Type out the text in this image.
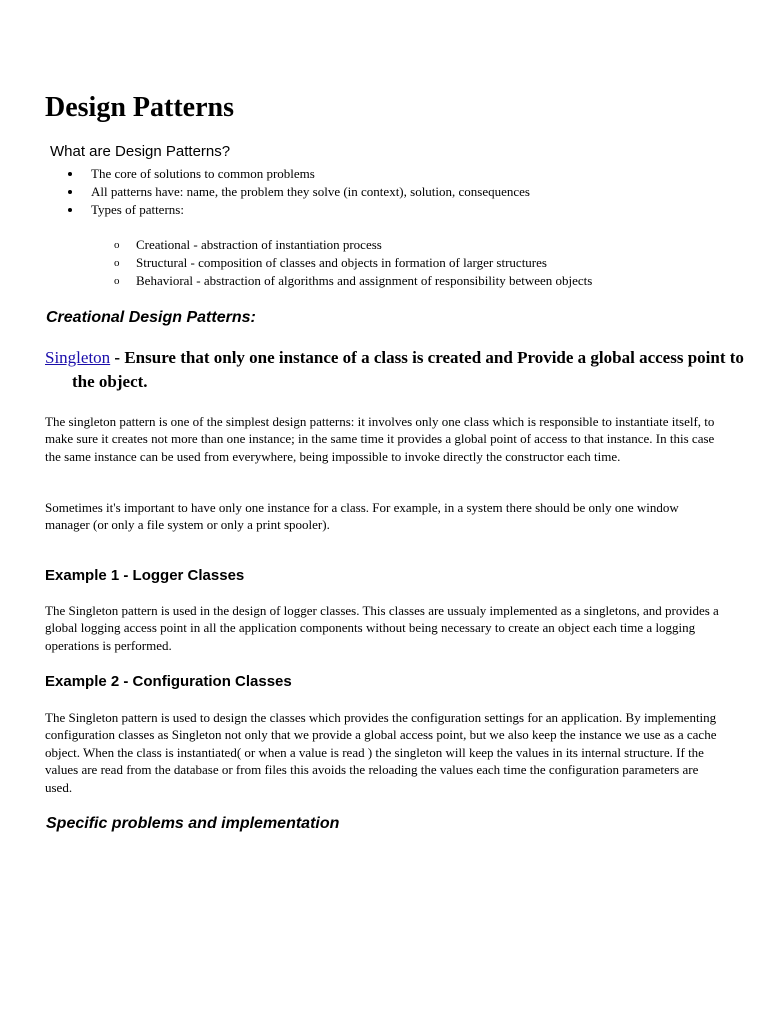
Design Patterns
What are Design Patterns?
The core of solutions to common problems
All patterns have: name, the problem they solve (in context), solution, consequences
Types of patterns:
o Creational - abstraction of instantiation process
o Structural - composition of classes and objects in formation of larger structures
o Behavioral - abstraction of algorithms and assignment of responsibility between objects
Creational Design Patterns:
Singleton - Ensure that only one instance of a class is created and Provide a global access point to the object.

The singleton pattern is one of the simplest design patterns: it involves only one class which is responsible to instantiate itself, to make sure it creates not more than one instance; in the same time it provides a global point of access to that instance. In this case the same instance can be used from everywhere, being impossible to invoke directly the constructor each time.

Sometimes it's important to have only one instance for a class. For example, in a system there should be only one window manager (or only a file system or only a print spooler).

Example 1 - Logger Classes

The Singleton pattern is used in the design of logger classes. This classes are ussualy implemented as a singletons, and provides a global logging access point in all the application components without being necessary to create an object each time a logging operations is performed.

Example 2 - Configuration Classes

The Singleton pattern is used to design the classes which provides the configuration settings for an application. By implementing configuration classes as Singleton not only that we provide a global access point, but we also keep the instance we use as a cache object. When the class is instantiated( or when a value is read ) the singleton will keep the values in its internal structure. If the values are read from the database or from files this avoids the reloading the values each time the configuration parameters are used.

Specific problems and implementation
